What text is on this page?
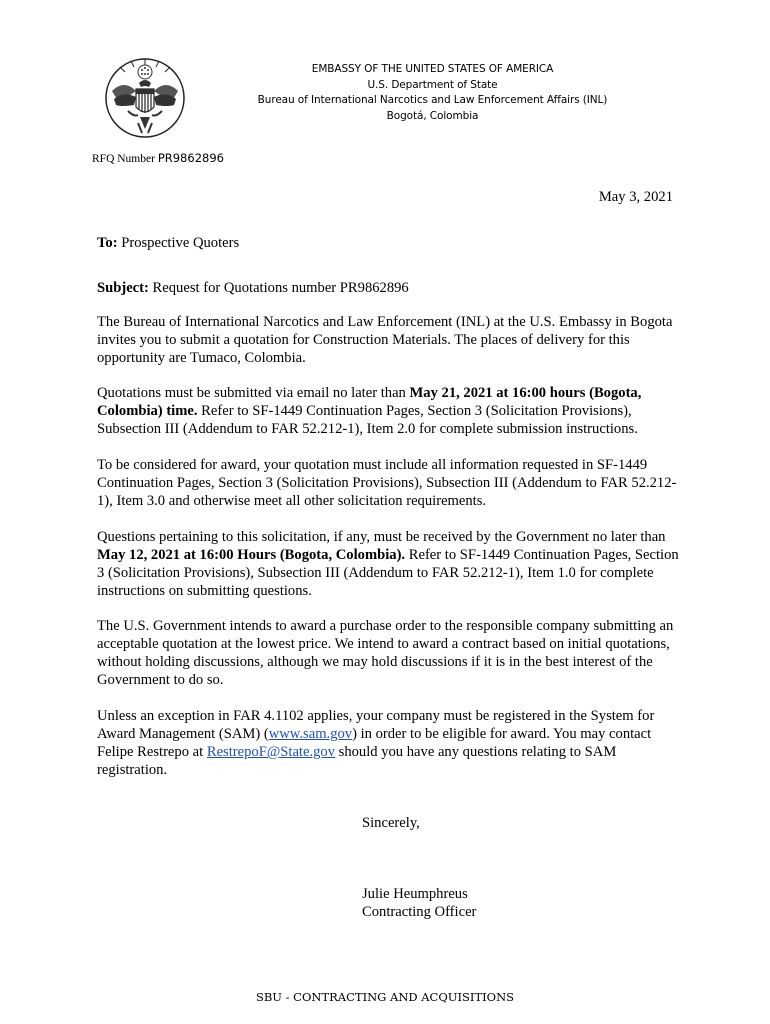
EMBASSY OF THE UNITED STATES OF AMERICA
U.S. Department of State
Bureau of International Narcotics and Law Enforcement Affairs (INL)
Bogotá, Colombia
RFQ Number PR9862896
May 3, 2021
To: Prospective Quoters
Subject: Request for Quotations number PR9862896
The Bureau of International Narcotics and Law Enforcement (INL) at the U.S. Embassy in Bogota invites you to submit a quotation for Construction Materials. The places of delivery for this opportunity are Tumaco, Colombia.
Quotations must be submitted via email no later than May 21, 2021 at 16:00 hours (Bogota, Colombia) time. Refer to SF-1449 Continuation Pages, Section 3 (Solicitation Provisions), Subsection III (Addendum to FAR 52.212-1), Item 2.0 for complete submission instructions.
To be considered for award, your quotation must include all information requested in SF-1449 Continuation Pages, Section 3 (Solicitation Provisions), Subsection III (Addendum to FAR 52.212-1), Item 3.0 and otherwise meet all other solicitation requirements.
Questions pertaining to this solicitation, if any, must be received by the Government no later than May 12, 2021 at 16:00 Hours (Bogota, Colombia). Refer to SF-1449 Continuation Pages, Section 3 (Solicitation Provisions), Subsection III (Addendum to FAR 52.212-1), Item 1.0 for complete instructions on submitting questions.
The U.S. Government intends to award a purchase order to the responsible company submitting an acceptable quotation at the lowest price. We intend to award a contract based on initial quotations, without holding discussions, although we may hold discussions if it is in the best interest of the Government to do so.
Unless an exception in FAR 4.1102 applies, your company must be registered in the System for Award Management (SAM) (www.sam.gov) in order to be eligible for award. You may contact Felipe Restrepo at RestrepoF@State.gov should you have any questions relating to SAM registration.
Sincerely,
Julie Heumphreus
Contracting Officer
SBU - CONTRACTING AND ACQUISITIONS
